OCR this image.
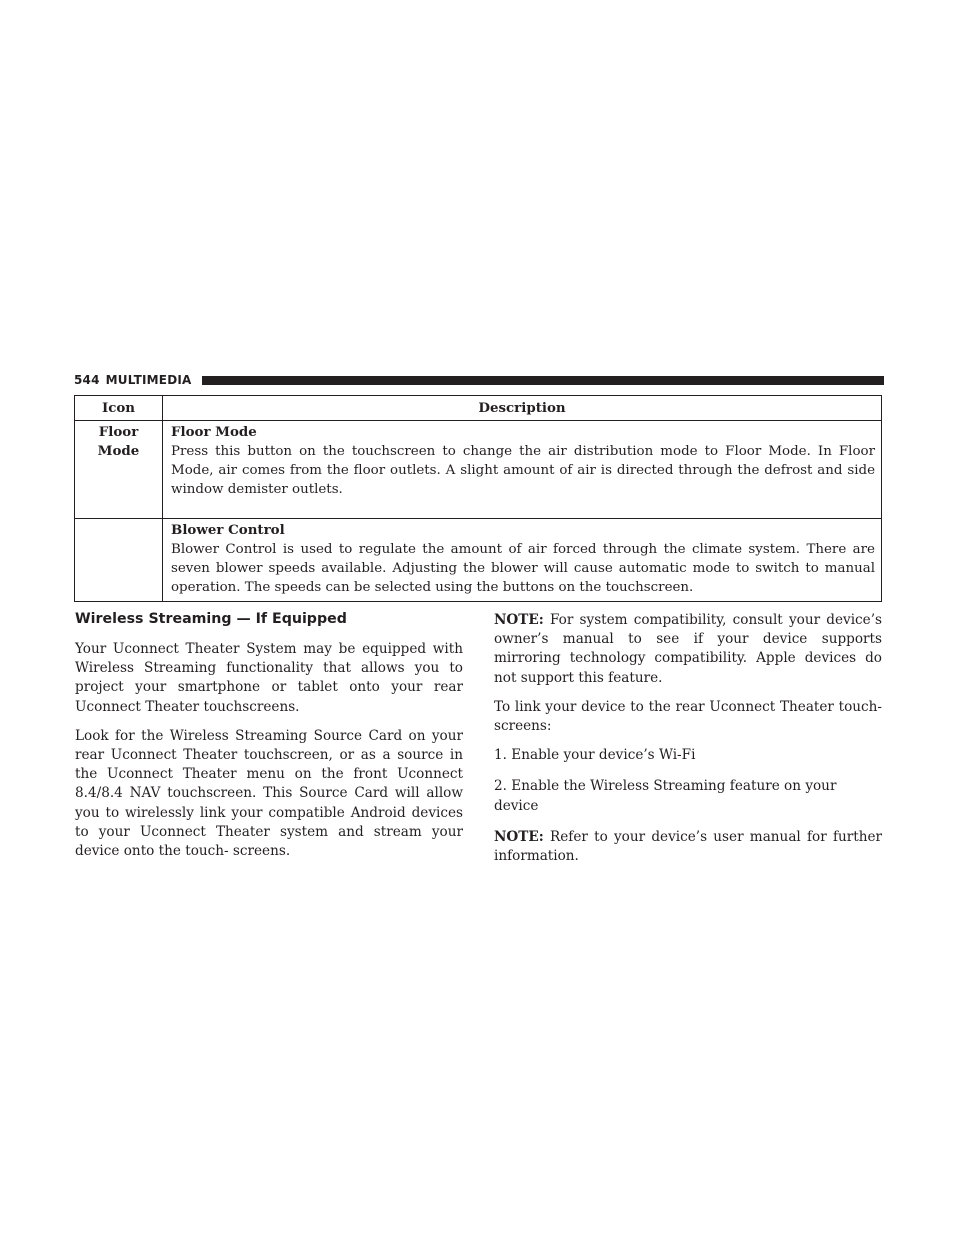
544 MULTIMEDIA
Icon	Description

Floor
Mode	Floor Mode
Press this button on the touchscreen to change the air distribution mode to Floor Mode. In Floor Mode, air comes from the floor outlets. A slight amount of air is directed through the defrost and side window demister outlets.

	Blower Control
Blower Control is used to regulate the amount of air forced through the climate system. There are seven blower speeds available. Adjusting the blower will cause automatic mode to switch to manual operation. The speeds can be selected using the buttons on the touchscreen.
Wireless Streaming — If Equipped

Your Uconnect Theater System may be equipped with Wireless Streaming functionality that allows you to project your smartphone or tablet onto your rear Uconnect Theater touchscreens.

Look for the Wireless Streaming Source Card on your rear Uconnect Theater touchscreen, or as a source in the Uconnect Theater menu on the front Uconnect 8.4/8.4 NAV touchscreen. This Source Card will allow you to wirelessly link your compatible Android devices to your Uconnect Theater system and stream your device onto the touch- screens.

NOTE: For system compatibility, consult your device’s owner’s manual to see if your device supports mirroring technology compatibility. Apple devices do not support this feature.

To link your device to the rear Uconnect Theater touch- screens:

1. Enable your device’s Wi-Fi

2. Enable the Wireless Streaming feature on your device

NOTE: Refer to your device’s user manual for further information.
